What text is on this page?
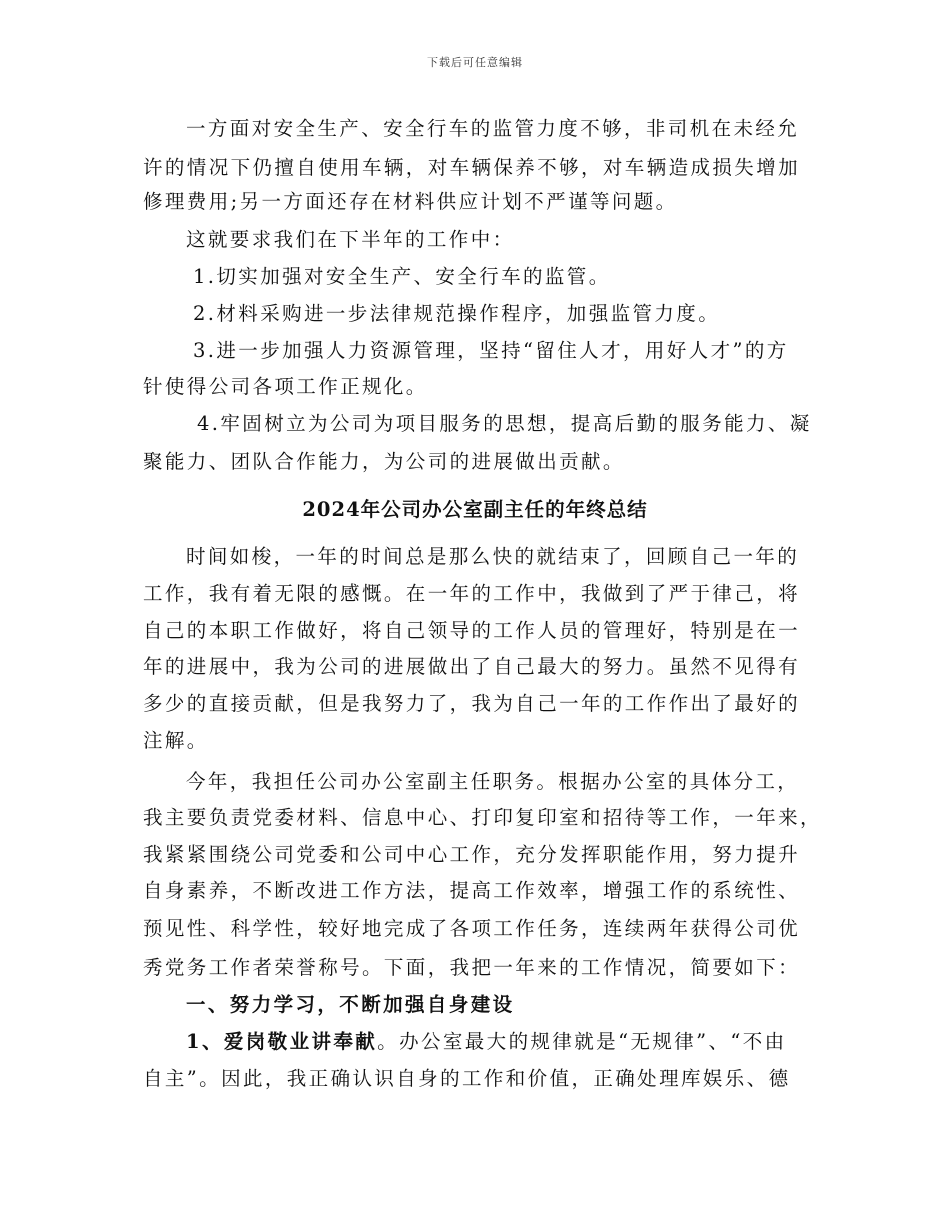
下载后可任意编辑
一方面对安全生产、安全行车的监管力度不够，非司机在未经允
许的情况下仍擅自使用车辆，对车辆保养不够，对车辆造成损失增加
修理费用;另一方面还存在材料供应计划不严谨等问题。
这就要求我们在下半年的工作中：
1.切实加强对安全生产、安全行车的监管。
2.材料采购进一步法律规范操作程序，加强监管力度。
3.进一步加强人力资源管理，坚持“留住人才，用好人才”的方
针使得公司各项工作正规化。
4.牢固树立为公司为项目服务的思想，提高后勤的服务能力、凝
聚能力、团队合作能力，为公司的进展做出贡献。
2024年公司办公室副主任的年终总结
时间如梭，一年的时间总是那么快的就结束了，回顾自己一年的
工作，我有着无限的感慨。在一年的工作中，我做到了严于律己，将
自己的本职工作做好，将自己领导的工作人员的管理好，特别是在一
年的进展中，我为公司的进展做出了自己最大的努力。虽然不见得有
多少的直接贡献，但是我努力了，我为自己一年的工作作出了最好的
注解。
今年，我担任公司办公室副主任职务。根据办公室的具体分工，
我主要负责党委材料、信息中心、打印复印室和招待等工作，一年来，
我紧紧围绕公司党委和公司中心工作，充分发挥职能作用，努力提升
自身素养，不断改进工作方法，提高工作效率，增强工作的系统性、
预见性、科学性，较好地完成了各项工作任务，连续两年获得公司优
秀党务工作者荣誉称号。下面，我把一年来的工作情况，简要如下：
一、努力学习，不断加强自身建设
1、爱岗敬业讲奉献。办公室最大的规律就是“无规律”、“不由
自主”。因此，我正确认识自身的工作和价值，正确处理库娱乐、德
